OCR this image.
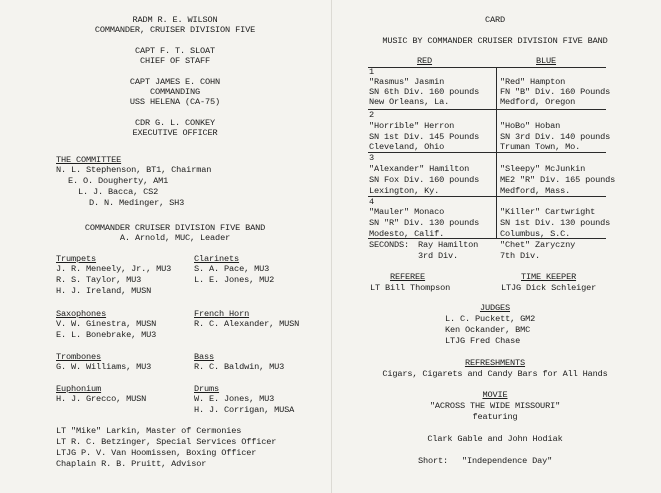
RADM R. E. WILSON
COMMANDER, CRUISER DIVISION FIVE
CAPT F. T. SLOAT
CHIEF OF STAFF
CAPT JAMES E. COHN
COMMANDING
USS HELENA (CA-75)
CDR G. L. CONKEY
EXECUTIVE OFFICER
THE COMMITTEE
N. L. Stephenson, BT1, Chairman
E. O. Dougherty, AM1
L. J. Bacca, CS2
D. N. Medinger, SH3
COMMANDER CRUISER DIVISION FIVE BAND
A. Arnold, MUC, Leader
Trumpets
J. R. Meneely, Jr., MU3
R. S. Taylor, MU3
H. J. Ireland, MUSN
Clarinets
S. A. Pace, MU3
L. E. Jones, MU2
Saxophones
V. W. Ginestra, MUSN
E. L. Bonebrake, MU3
French Horn
R. C. Alexander, MUSN
Trombones
G. W. Williams, MU3
Bass
R. C. Baldwin, MU3
Euphonium
H. J. Grecco, MUSN
Drums
W. E. Jones, MU3
H. J. Corrigan, MUSA
LT "Mike" Larkin, Master of Cermonies
LT R. C. Betzinger, Special Services Officer
LTJG P. V. Van Hoomissen, Boxing Officer
Chaplain R. B. Pruitt, Advisor
CARD
MUSIC BY COMMANDER CRUISER DIVISION FIVE BAND
RED	BLUE
1
"Rasmus" Jasmin
SN 6th Div. 160 pounds
New Orleans, La.
"Red" Hampton
FN "B" Div. 160 Pounds
Medford, Oregon
2
"Horrible" Herron
SN 1st Div. 145 Pounds
Cleveland, Ohio
"HoBo" Hoban
SN 3rd Div. 140 pounds
Truman Town, Mo.
3
"Alexander" Hamilton
SN Fox Div. 160 pounds
Lexington, Ky.
"Sleepy" McJunkin
ME2 "R" Div. 165 pounds
Medford, Mass.
4
"Mauler" Monaco
SN "R" Div. 130 pounds
Modesto, Calif.
"Killer" Cartwright
SN 1st Div. 130 pounds
Columbus, S.C.
SECONDS: Ray Hamilton
3rd Div.
"Chet" Zaryczny
7th Div.
REFEREE
LT Bill Thompson
TIME KEEPER
LTJG Dick Schleiger
JUDGES
L. C. Puckett, GM2
Ken Ockander, BMC
LTJG Fred Chase
REFRESHMENTS
Cigars, Cigarets and Candy Bars for All Hands
MOVIE
"ACROSS THE WIDE MISSOURI"
featuring
Clark Gable and John Hodiak
Short: "Independence Day"
